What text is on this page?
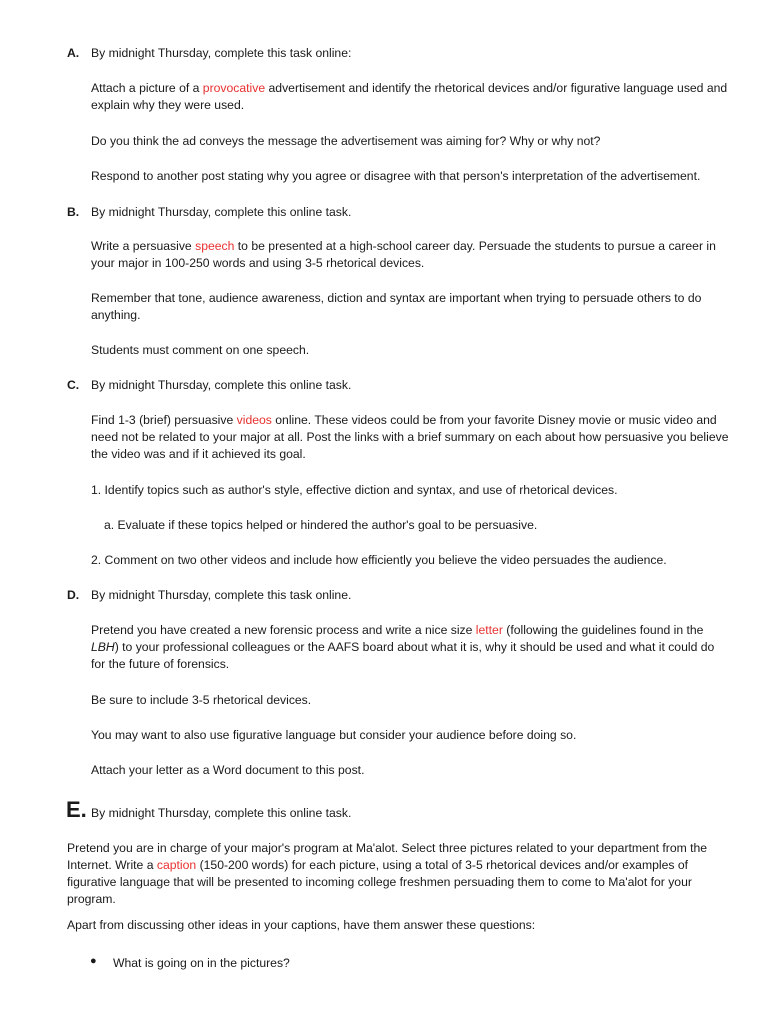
A. By midnight Thursday, complete this task online:

Attach a picture of a provocative advertisement and identify the rhetorical devices and/or figurative language used and explain why they were used.

Do you think the ad conveys the message the advertisement was aiming for? Why or why not?

Respond to another post stating why you agree or disagree with that person's interpretation of the advertisement.

B. By midnight Thursday, complete this online task.

Write a persuasive speech to be presented at a high-school career day. Persuade the students to pursue a career in your major in 100-250 words and using 3-5 rhetorical devices.

Remember that tone, audience awareness, diction and syntax are important when trying to persuade others to do anything.

Students must comment on one speech.

C. By midnight Thursday, complete this online task.

Find 1-3 (brief) persuasive videos online. These videos could be from your favorite Disney movie or music video and need not be related to your major at all. Post the links with a brief summary on each about how persuasive you believe the video was and if it achieved its goal.

1. Identify topics such as author's style, effective diction and syntax, and use of rhetorical devices.

a. Evaluate if these topics helped or hindered the author's goal to be persuasive.

2. Comment on two other videos and include how efficiently you believe the video persuades the audience.

D. By midnight Thursday, complete this task online.

Pretend you have created a new forensic process and write a nice size letter (following the guidelines found in the LBH) to your professional colleagues or the AAFS board about what it is, why it should be used and what it could do for the future of forensics.

Be sure to include 3-5 rhetorical devices.

You may want to also use figurative language but consider your audience before doing so.

Attach your letter as a Word document to this post.

E. By midnight Thursday, complete this online task.

Pretend you are in charge of your major's program at Ma'alot. Select three pictures related to your department from the Internet. Write a caption (150-200 words) for each picture, using a total of 3-5 rhetorical devices and/or examples of figurative language that will be presented to incoming college freshmen persuading them to come to Ma'alot for your program.

Apart from discussing other ideas in your captions, have them answer these questions:

● What is going on in the pictures?
